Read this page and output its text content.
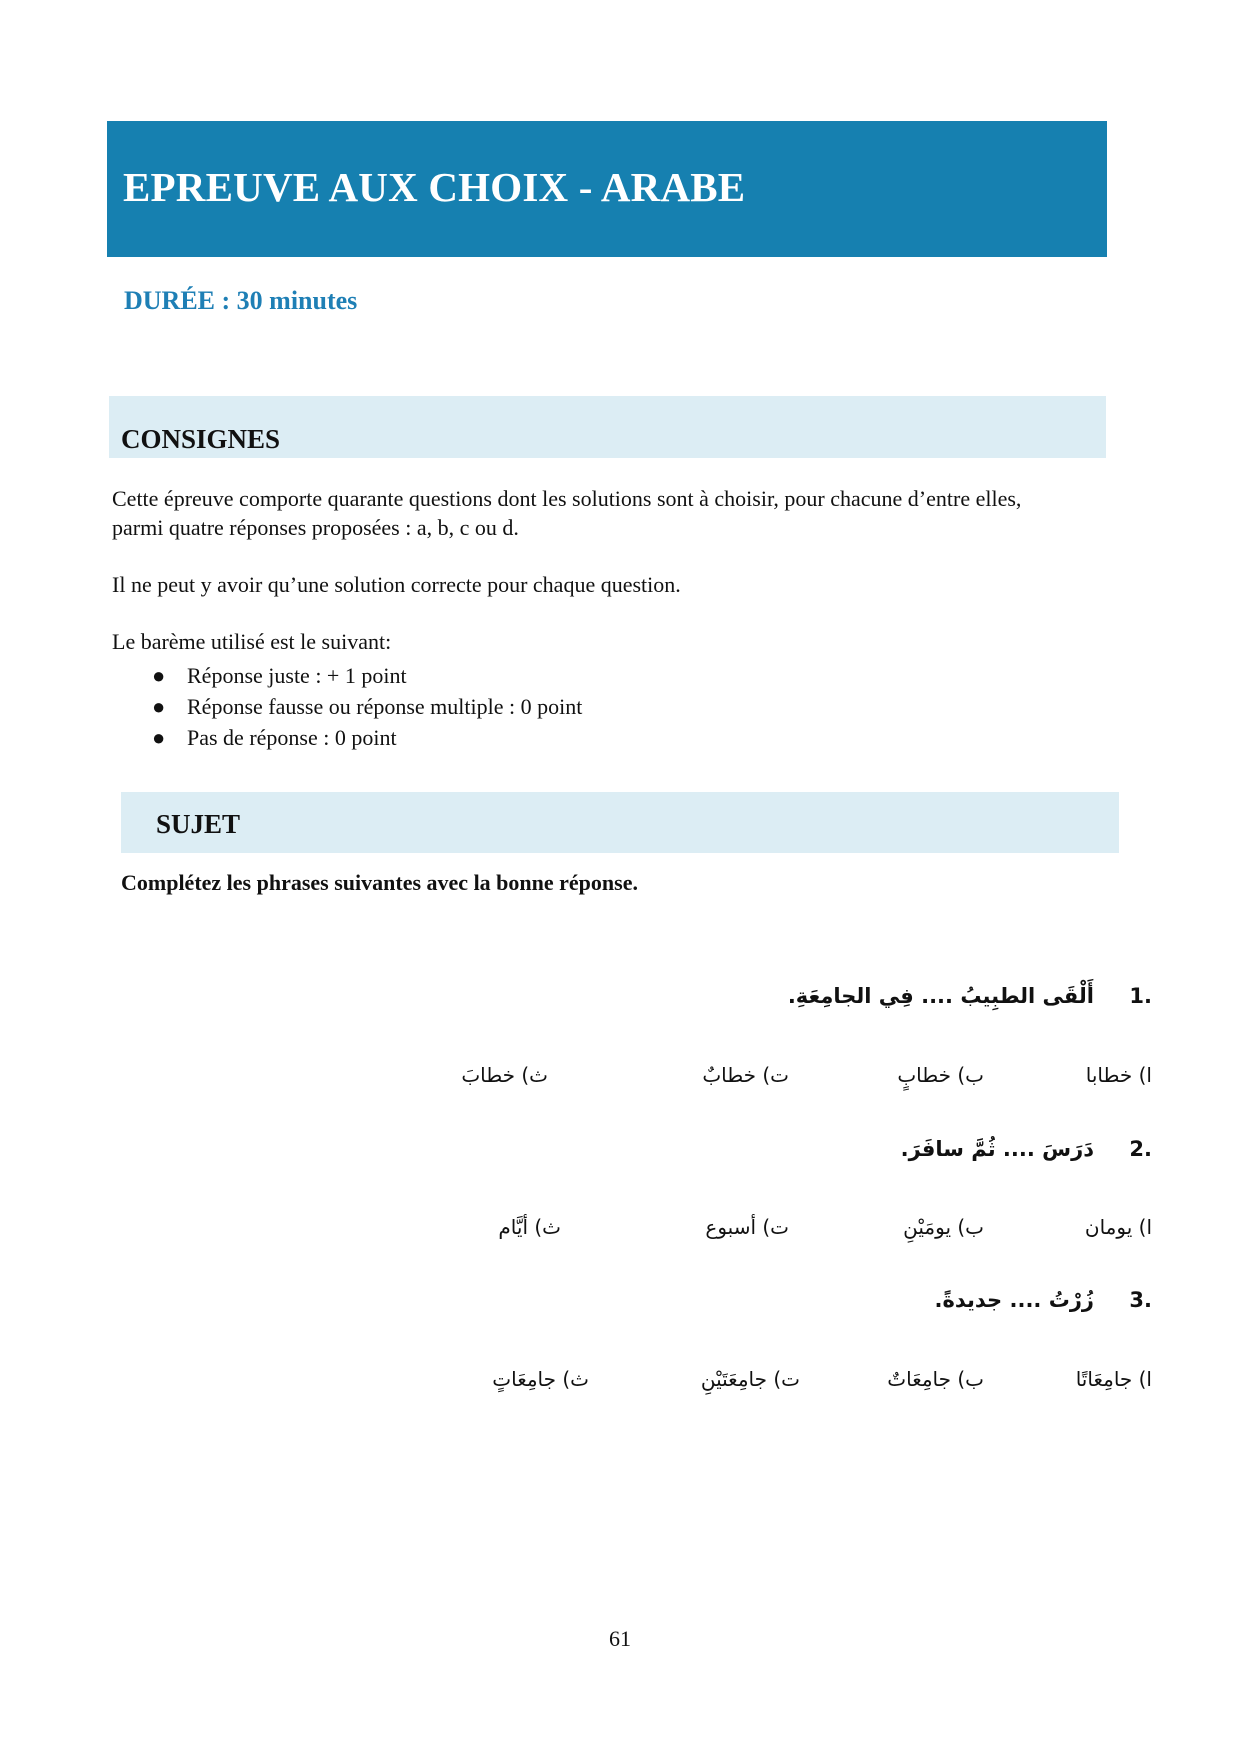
EPREUVE AUX CHOIX - ARABE
DURÉE : 30 minutes
CONSIGNES
Cette épreuve comporte quarante questions dont les solutions sont à choisir, pour chacune d’entre elles,
parmi quatre réponses proposées : a, b, c ou d.
Il ne peut y avoir qu’une solution correcte pour chaque question.
Le barème utilisé est le suivant:
● Réponse juste : + 1 point
● Réponse fausse ou réponse multiple : 0 point
● Pas de réponse : 0 point
SUJET
Complétez les phrases suivantes avec la bonne réponse.
1.أَلْقَى الطبِيبُ .... فِي الجامِعَةِ.
ا) خطابا
ب) خطابٍ
ت) خطابٌ
ث) خطابَ
2.دَرَسَ .... ثُمَّ سافَرَ.
ا) يومان
ب) يومَيْنِ
ت) أسبوع
ث) أيَّام
3.زُرْتُ .... جديدةً.
ا) جامِعَاتًا
ب) جامِعَاتٌ
ت) جامِعَتَيْنِ
ث) جامِعَاتٍ
61
